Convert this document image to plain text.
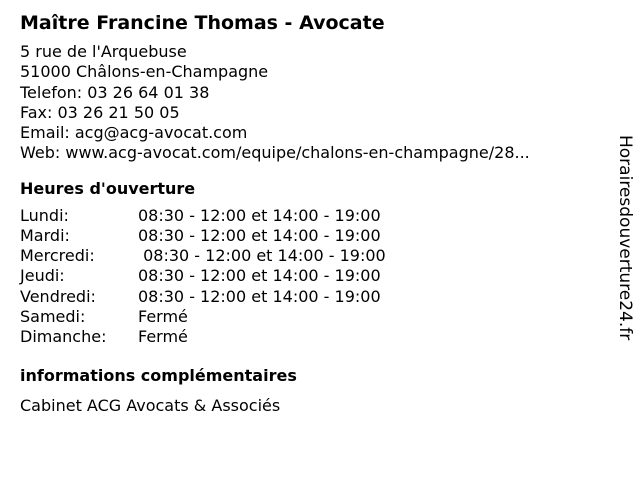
Maître Francine Thomas - Avocate
5 rue de l'Arquebuse
51000 Châlons-en-Champagne
Telefon: 03 26 64 01 38
Fax: 03 26 21 50 05
Email: acg@acg-avocat.com
Web: www.acg-avocat.com/equipe/chalons-en-champagne/28...
Heures d'ouverture
Lundi:	08:30 - 12:00 et 14:00 - 19:00
Mardi:	08:30 - 12:00 et 14:00 - 19:00
Mercredi:	08:30 - 12:00 et 14:00 - 19:00
Jeudi:	08:30 - 12:00 et 14:00 - 19:00
Vendredi:	08:30 - 12:00 et 14:00 - 19:00
Samedi:	Fermé
Dimanche:	Fermé
informations complémentaires
Cabinet ACG Avocats & Associés
Horairesdouverture24.fr
